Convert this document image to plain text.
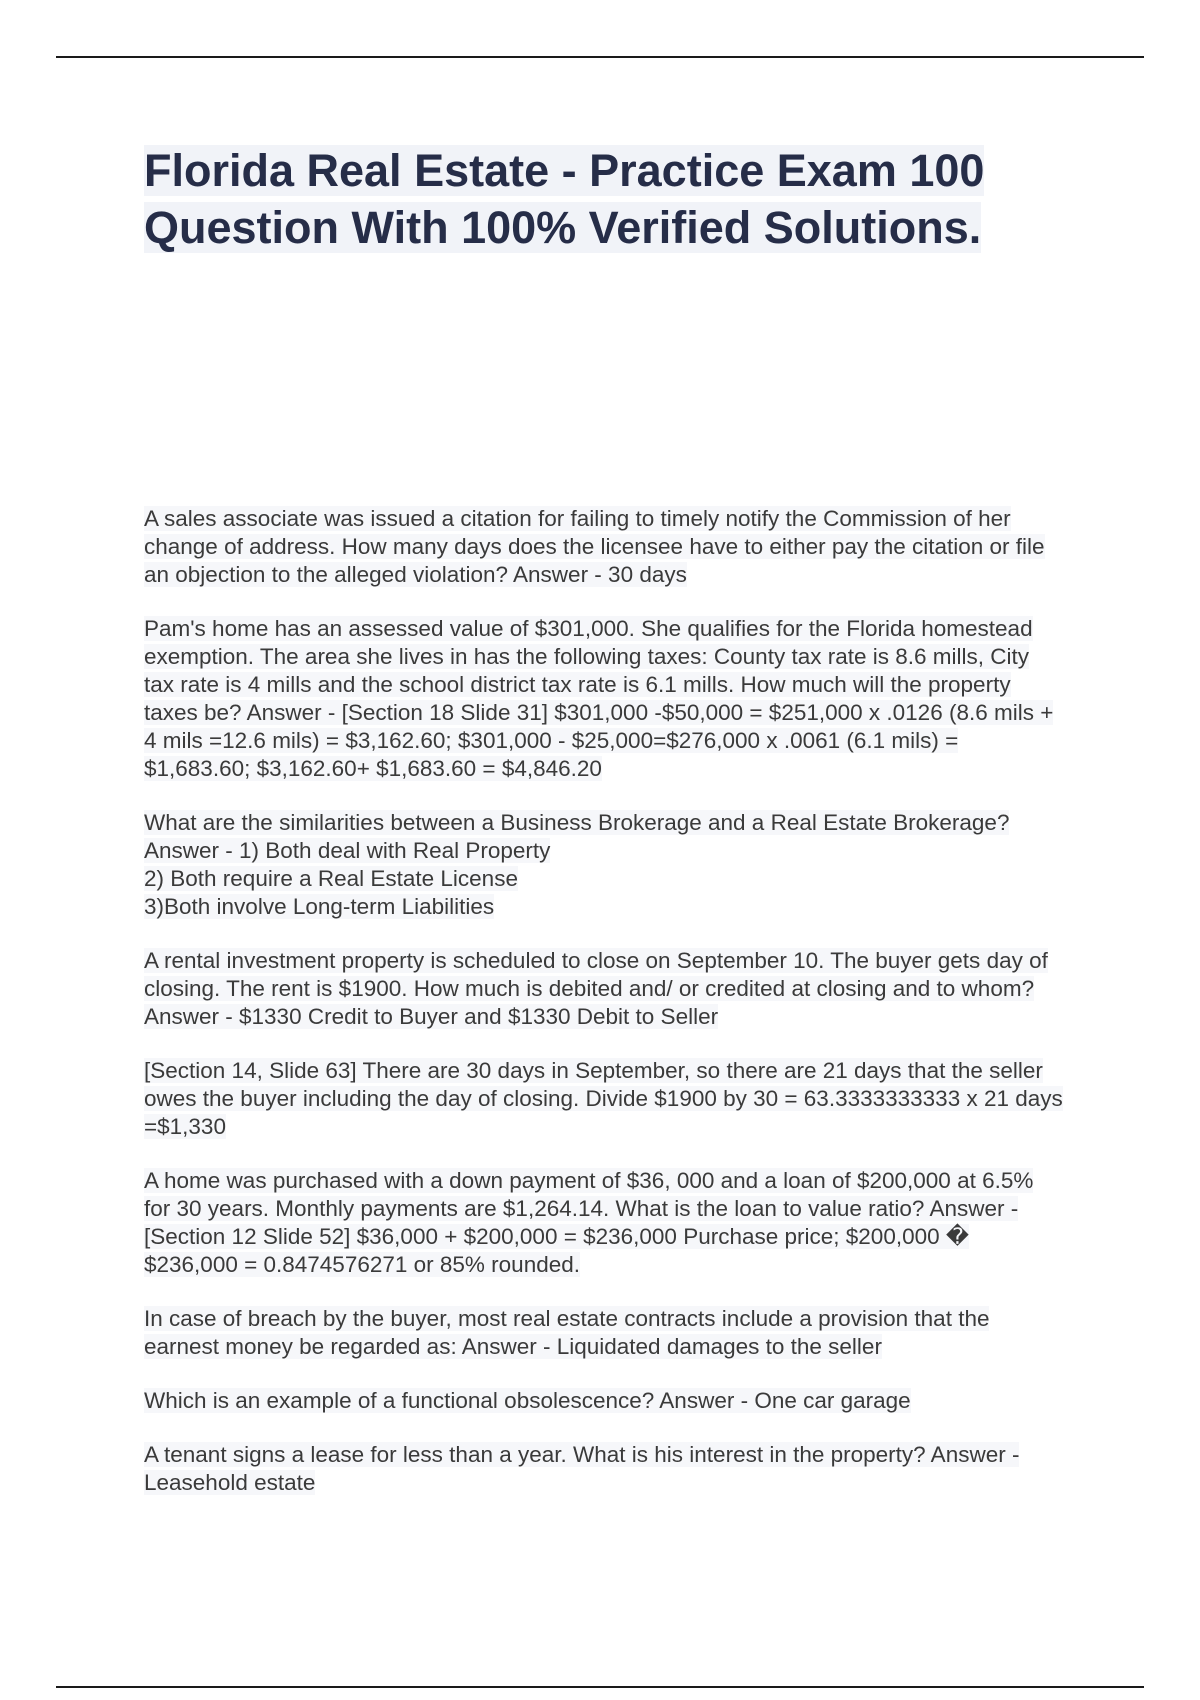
Florida Real Estate - Practice Exam 100 Question With 100% Verified Solutions.

A sales associate was issued a citation for failing to timely notify the Commission of her change of address. How many days does the licensee have to either pay the citation or file an objection to the alleged violation? Answer - 30 days

Pam's home has an assessed value of $301,000. She qualifies for the Florida homestead exemption. The area she lives in has the following taxes: County tax rate is 8.6 mills, City tax rate is 4 mills and the school district tax rate is 6.1 mills. How much will the property taxes be? Answer - [Section 18 Slide 31] $301,000 -$50,000 = $251,000 x .0126 (8.6 mils + 4 mils =12.6 mils) = $3,162.60; $301,000 - $25,000=$276,000 x .0061 (6.1 mils) = $1,683.60; $3,162.60+ $1,683.60 = $4,846.20

What are the similarities between a Business Brokerage and a Real Estate Brokerage? Answer - 1) Both deal with Real Property
2) Both require a Real Estate License
3)Both involve Long-term Liabilities

A rental investment property is scheduled to close on September 10. The buyer gets day of closing. The rent is $1900. How much is debited and/ or credited at closing and to whom? Answer - $1330 Credit to Buyer and $1330 Debit to Seller

[Section 14, Slide 63] There are 30 days in September, so there are 21 days that the seller owes the buyer including the day of closing. Divide $1900 by 30 = 63.3333333333 x 21 days =$1,330

A home was purchased with a down payment of $36, 000 and a loan of $200,000 at 6.5% for 30 years. Monthly payments are $1,264.14. What is the loan to value ratio? Answer - [Section 12 Slide 52] $36,000 + $200,000 = $236,000 Purchase price; $200,000 � $236,000 = 0.8474576271 or 85% rounded.

In case of breach by the buyer, most real estate contracts include a provision that the earnest money be regarded as: Answer - Liquidated damages to the seller

Which is an example of a functional obsolescence? Answer - One car garage

A tenant signs a lease for less than a year. What is his interest in the property? Answer - Leasehold estate
